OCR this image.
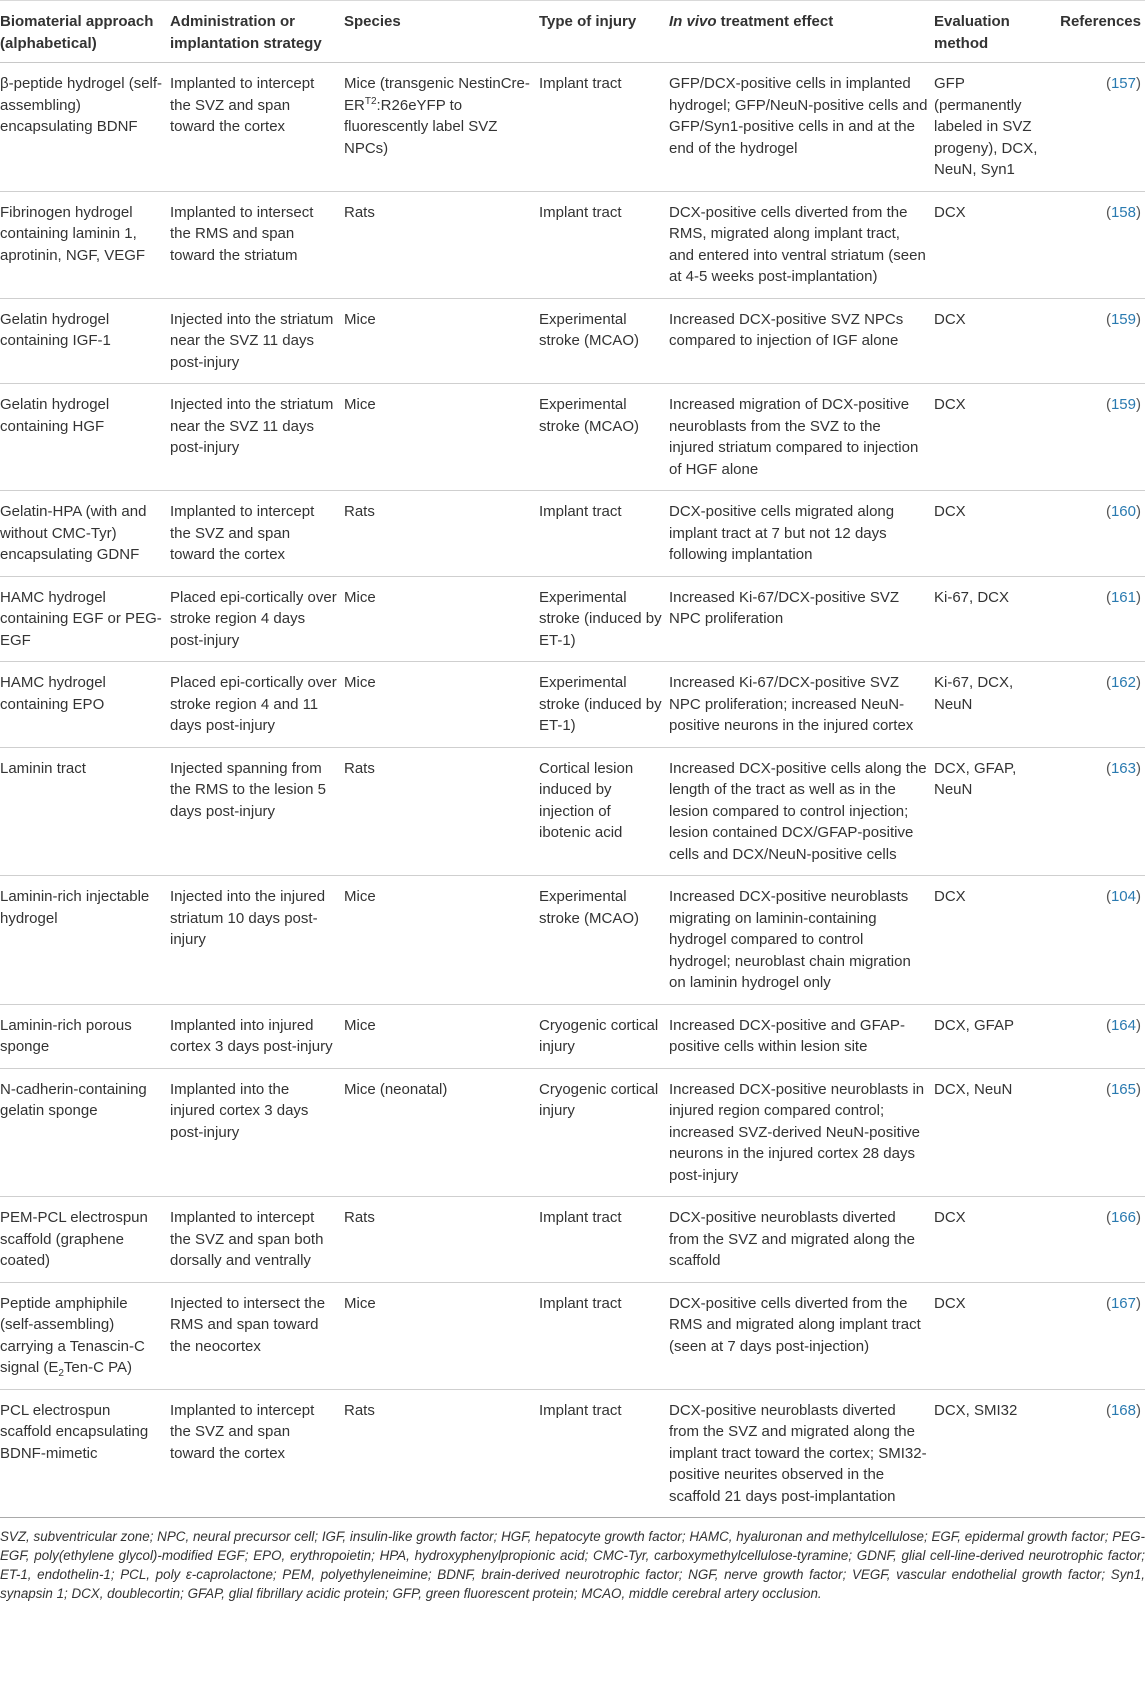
Biomaterial approach (alphabetical)	Administration or implantation strategy	Species	Type of injury	In vivo treatment effect	Evaluation method	References
β-peptide hydrogel (self-assembling) encapsulating BDNF	Implanted to intercept the SVZ and span toward the cortex	Mice (transgenic NestinCre-$ER^{T2}:R26eYFP$ to fluorescently label SVZ NPCs)	Implant tract	GFP/DCX-positive cells in implanted hydrogel; GFP/NeuN-positive cells and GFP/Syn1-positive cells in and at the end of the hydrogel	GFP (permanently labeled in SVZ progeny), DCX, NeuN, Syn1	(157)
Fibrinogen hydrogel containing laminin 1, aprotinin, NGF, VEGF	Implanted to intersect the RMS and span toward the striatum	Rats	Implant tract	DCX-positive cells diverted from the RMS, migrated along implant tract, and entered into ventral striatum (seen at 4-5 weeks post-implantation)	DCX	(158)
Gelatin hydrogel containing IGF-1	Injected into the striatum near the SVZ 11 days post-injury	Mice	Experimental stroke (MCAO)	Increased DCX-positive SVZ NPCs compared to injection of IGF alone	DCX	(159)
Gelatin hydrogel containing HGF	Injected into the striatum near the SVZ 11 days post-injury	Mice	Experimental stroke (MCAO)	Increased migration of DCX-positive neuroblasts from the SVZ to the injured striatum compared to injection of HGF alone	DCX	(159)
Gelatin-HPA (with and without CMC-Tyr) encapsulating GDNF	Implanted to intercept the SVZ and span toward the cortex	Rats	Implant tract	DCX-positive cells migrated along implant tract at 7 but not 12 days following implantation	DCX	(160)
HAMC hydrogel containing EGF or PEG-EGF	Placed epi-cortically over stroke region 4 days post-injury	Mice	Experimental stroke (induced by ET-1)	Increased Ki-67/DCX-positive SVZ NPC proliferation	Ki-67, DCX	(161)
HAMC hydrogel containing EPO	Placed epi-cortically over stroke region 4 and 11 days post-injury	Mice	Experimental stroke (induced by ET-1)	Increased Ki-67/DCX-positive SVZ NPC proliferation; increased NeuN-positive neurons in the injured cortex	Ki-67, DCX, NeuN	(162)
Laminin tract	Injected spanning from the RMS to the lesion 5 days post-injury	Rats	Cortical lesion induced by injection of ibotenic acid	Increased DCX-positive cells along the length of the tract as well as in the lesion compared to control injection; lesion contained DCX/GFAP-positive cells and DCX/NeuN-positive cells	DCX, GFAP, NeuN	(163)
Laminin-rich injectable hydrogel	Injected into the injured striatum 10 days post-injury	Mice	Experimental stroke (MCAO)	Increased DCX-positive neuroblasts migrating on laminin-containing hydrogel compared to control hydrogel; neuroblast chain migration on laminin hydrogel only	DCX	(104)
Laminin-rich porous sponge	Implanted into injured cortex 3 days post-injury	Mice	Cryogenic cortical injury	Increased DCX-positive and GFAP-positive cells within lesion site	DCX, GFAP	(164)
N-cadherin-containing gelatin sponge	Implanted into the injured cortex 3 days post-injury	Mice (neonatal)	Cryogenic cortical injury	Increased DCX-positive neuroblasts in injured region compared control; increased SVZ-derived NeuN-positive neurons in the injured cortex 28 days post-injury	DCX, NeuN	(165)
PEM-PCL electrospun scaffold (graphene coated)	Implanted to intercept the SVZ and span both dorsally and ventrally	Rats	Implant tract	DCX-positive neuroblasts diverted from the SVZ and migrated along the scaffold	DCX	(166)
Peptide amphiphile (self-assembling) carrying a Tenascin-C signal ($E_2Ten-C$ PA)	Injected to intersect the RMS and span toward the neocortex	Mice	Implant tract	DCX-positive cells diverted from the RMS and migrated along implant tract (seen at 7 days post-injection)	DCX	(167)
PCL electrospun scaffold encapsulating BDNF-mimetic	Implanted to intercept the SVZ and span toward the cortex	Rats	Implant tract	DCX-positive neuroblasts diverted from the SVZ and migrated along the implant tract toward the cortex; SMI32-positive neurites observed in the scaffold 21 days post-implantation	DCX, SMI32	(168)
SVZ, subventricular zone; NPC, neural precursor cell; IGF, insulin-like growth factor; HGF, hepatocyte growth factor; HAMC, hyaluronan and methylcellulose; EGF, epidermal growth factor; PEG-EGF, poly(ethylene glycol)-modified EGF; EPO, erythropoietin; HPA, hydroxyphenylpropionic acid; CMC-Tyr, carboxymethylcellulose-tyramine; GDNF, glial cell-line-derived neurotrophic factor; ET-1, endothelin-1; PCL, poly ε-caprolactone; PEM, polyethyleneimine; BDNF, brain-derived neurotrophic factor; NGF, nerve growth factor; VEGF, vascular endothelial growth factor; Syn1, synapsin 1; DCX, doublecortin; GFAP, glial fibrillary acidic protein; GFP, green fluorescent protein; MCAO, middle cerebral artery occlusion.
